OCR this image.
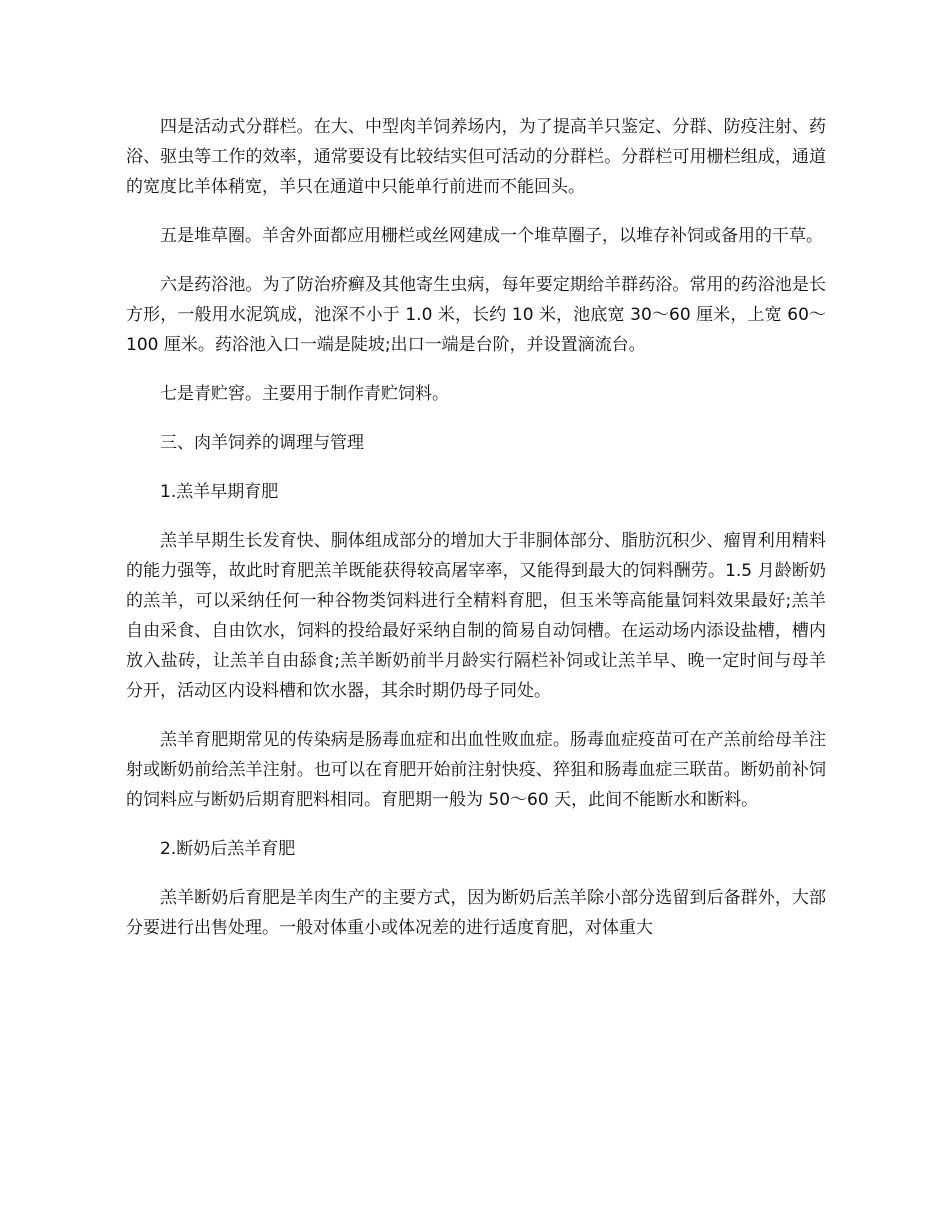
四是活动式分群栏。在大、中型肉羊饲养场内，为了提高羊只鉴定、分群、防疫注射、药浴、驱虫等工作的效率，通常要设有比较结实但可活动的分群栏。分群栏可用栅栏组成，通道的宽度比羊体稍宽，羊只在通道中只能单行前进而不能回头。

五是堆草圈。羊舍外面都应用栅栏或丝网建成一个堆草圈子，以堆存补饲或备用的干草。

六是药浴池。为了防治疥癣及其他寄生虫病，每年要定期给羊群药浴。常用的药浴池是长方形，一般用水泥筑成，池深不小于 1.0 米，长约 10 米，池底宽 30～60 厘米，上宽 60～100 厘米。药浴池入口一端是陡坡;出口一端是台阶，并设置滴流台。

七是青贮窖。主要用于制作青贮饲料。

三、肉羊饲养的调理与管理

1.羔羊早期育肥

羔羊早期生长发育快、胴体组成部分的增加大于非胴体部分、脂肪沉积少、瘤胃利用精料的能力强等，故此时育肥羔羊既能获得较高屠宰率，又能得到最大的饲料酬劳。1.5 月龄断奶的羔羊，可以采纳任何一种谷物类饲料进行全精料育肥，但玉米等高能量饲料效果最好;羔羊自由采食、自由饮水，饲料的投给最好采纳自制的简易自动饲槽。在运动场内添设盐槽，槽内放入盐砖，让羔羊自由舔食;羔羊断奶前半月龄实行隔栏补饲或让羔羊早、晚一定时间与母羊分开，活动区内设料槽和饮水器，其余时期仍母子同处。

羔羊育肥期常见的传染病是肠毒血症和出血性败血症。肠毒血症疫苗可在产羔前给母羊注射或断奶前给羔羊注射。也可以在育肥开始前注射快疫、猝狙和肠毒血症三联苗。断奶前补饲的饲料应与断奶后期育肥料相同。育肥期一般为 50～60 天，此间不能断水和断料。

2.断奶后羔羊育肥

羔羊断奶后育肥是羊肉生产的主要方式，因为断奶后羔羊除小部分选留到后备群外，大部分要进行出售处理。一般对体重小或体况差的进行适度育肥，对体重大
